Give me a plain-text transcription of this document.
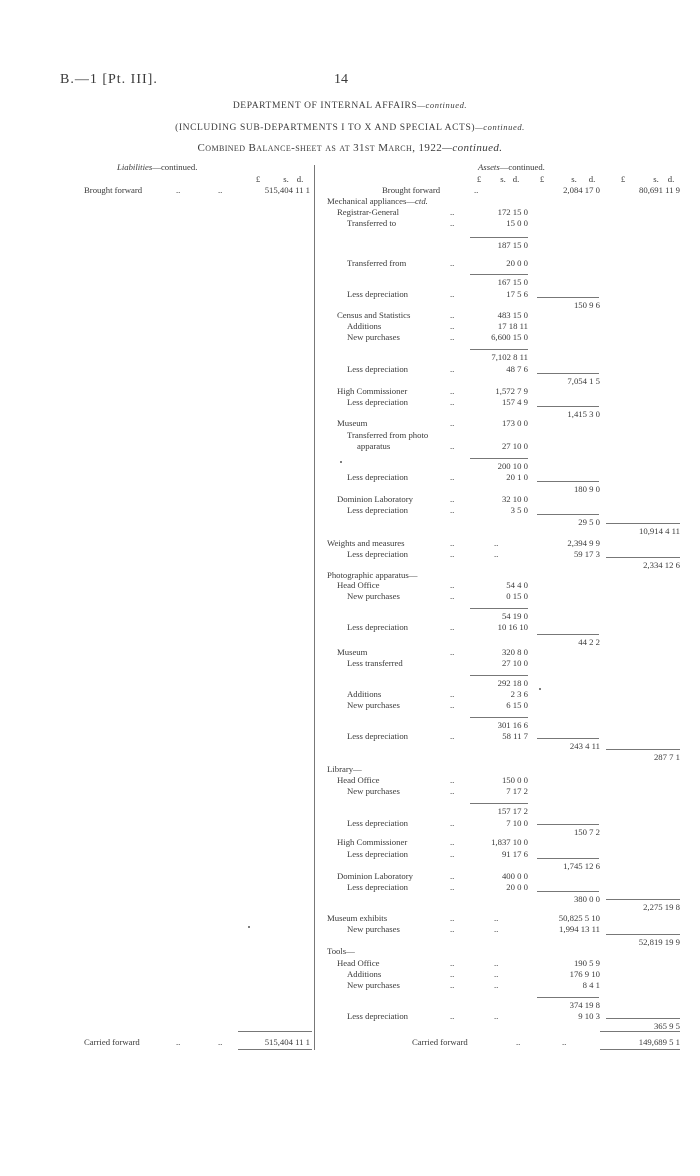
B.—1 [Pt. III].	14
DEPARTMENT OF INTERNAL AFFAIRS—continued.
(INCLUDING SUB-DEPARTMENTS I TO X AND SPECIAL ACTS)—continued.
Combined Balance-sheet as at 31st March, 1922—continued.
Liabilities—continued.
£	s. d.
Brought forward	..	..	515,404 11 1
Carried forward	..	..	515,404 11 1
Assets—continued.
£	s. d.	£	s.	d.	£	s.	d.
Brought forward	..	2,084 17 0	80,691 11 9
Mechanical appliances—ctd.
Registrar-General	..	172 15 0
Transferred to	..	15 0 0
187 15 0
Transferred from	..	20 0 0
167 15 0
Less depreciation	..	17 5 6
150 9 6
Census and Statistics	..	483 15 0
Additions	..	17 18 11
New purchases	..	6,600 15 0
7,102 8 11
Less depreciation	..	48 7 6
7,054 1 5
High Commissioner	..	1,572 7 9
Less depreciation	..	157 4 9
1,415 3 0
Museum	..	173 0 0
Transferred from photo
apparatus	..	27 10 0
200 10 0
Less depreciation	..	20 1 0
180 9 0
Dominion Laboratory	..	32 10 0
Less depreciation	..	3 5 0
29 5 0
10,914 4 11
Weights and measures	..	..	2,394 9 9
Less depreciation	..	..	59 17 3
2,334 12 6
Photographic apparatus—
Head Office	..	54 4 0
New purchases	..	0 15 0
54 19 0
Less depreciation	..	10 16 10
44 2 2
Museum	..	320 8 0
Less transferred	27 10 0
292 18 0
Additions	..	2 3 6
New purchases	..	6 15 0
301 16 6
Less depreciation	..	58 11 7
243 4 11
287 7 1
Library—
Head Office	..	150 0 0
New purchases	..	7 17 2
157 17 2
Less depreciation	..	7 10 0
150 7 2
High Commissioner	..	1,837 10 0
Less depreciation	..	91 17 6
1,745 12 6
Dominion Laboratory	..	400 0 0
Less depreciation	..	20 0 0
380 0 0
2,275 19 8
Museum exhibits	..	..	50,825 5 10
New purchases	..	..	1,994 13 11
52,819 19 9
Tools—
Head Office	..	..	190 5 9
Additions	..	..	176 9 10
New purchases	..	..	8 4 1
374 19 8
Less depreciation	..	..	9 10 3
365 9 5
Carried forward	..	..	149,689 5 1
